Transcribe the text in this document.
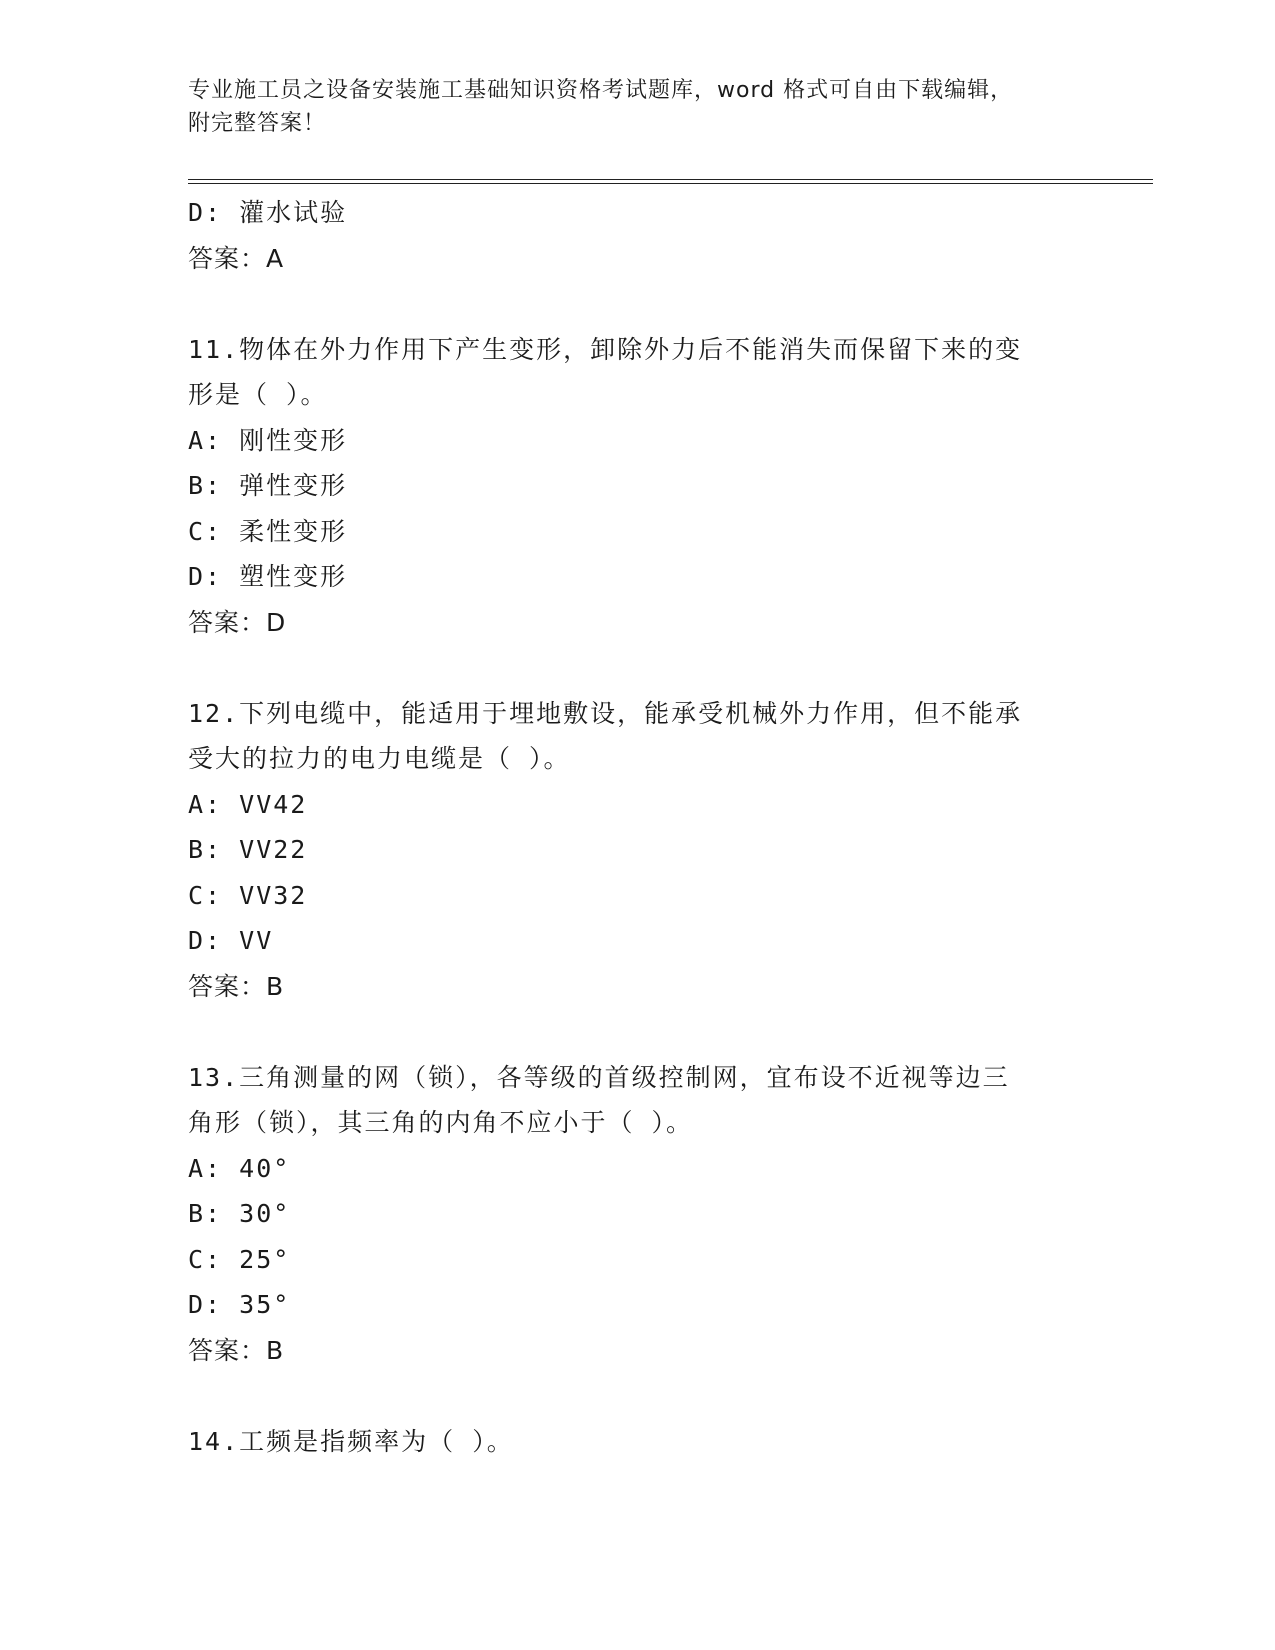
专业施工员之设备安装施工基础知识资格考试题库，word 格式可自由下载编辑，
附完整答案！
D: 灌水试验
答案：A
11.物体在外力作用下产生变形，卸除外力后不能消失而保留下来的变
形是（ ）。
A: 刚性变形
B: 弹性变形
C: 柔性变形
D: 塑性变形
答案：D
12.下列电缆中，能适用于埋地敷设，能承受机械外力作用，但不能承
受大的拉力的电力电缆是（ ）。
A: VV42
B: VV22
C: VV32
D: VV
答案：B
13.三角测量的网（锁），各等级的首级控制网，宜布设不近视等边三
角形（锁），其三角的内角不应小于（ ）。
A: 40°
B: 30°
C: 25°
D: 35°
答案：B
14.工频是指频率为（ ）。
